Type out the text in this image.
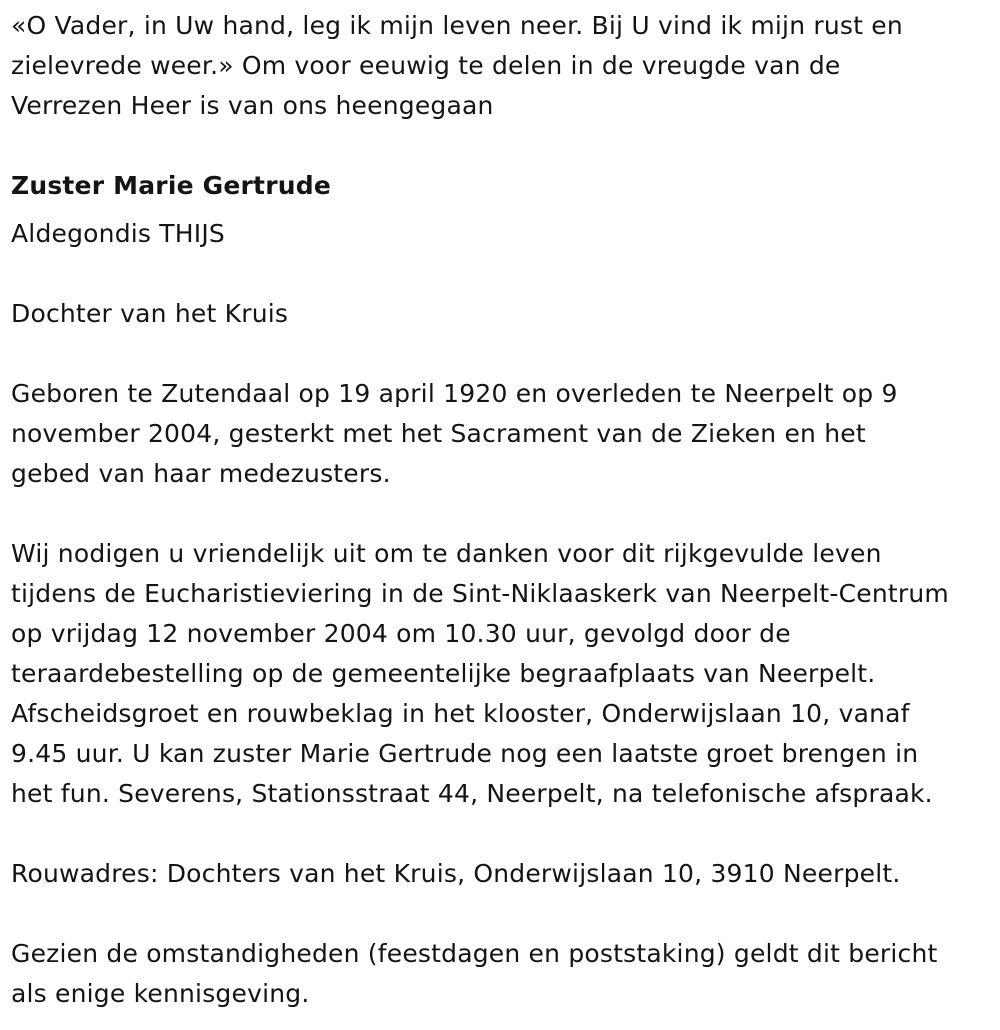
«O Vader, in Uw hand, leg ik mijn leven neer. Bij U vind ik mijn rust en
zielevrede weer.» Om voor eeuwig te delen in de vreugde van de
Verrezen Heer is van ons heengegaan

Zuster Marie Gertrude

Aldegondis THIJS

Dochter van het Kruis

Geboren te Zutendaal op 19 april 1920 en overleden te Neerpelt op 9
november 2004, gesterkt met het Sacrament van de Zieken en het
gebed van haar medezusters.

Wij nodigen u vriendelijk uit om te danken voor dit rijkgevulde leven
tijdens de Eucharistieviering in de Sint-Niklaaskerk van Neerpelt-Centrum
op vrijdag 12 november 2004 om 10.30 uur, gevolgd door de
teraardebestelling op de gemeentelijke begraafplaats van Neerpelt.
Afscheidsgroet en rouwbeklag in het klooster, Onderwijslaan 10, vanaf
9.45 uur. U kan zuster Marie Gertrude nog een laatste groet brengen in
het fun. Severens, Stationsstraat 44, Neerpelt, na telefonische afspraak.

Rouwadres: Dochters van het Kruis, Onderwijslaan 10, 3910 Neerpelt.

Gezien de omstandigheden (feestdagen en poststaking) geldt dit bericht
als enige kennisgeving.
